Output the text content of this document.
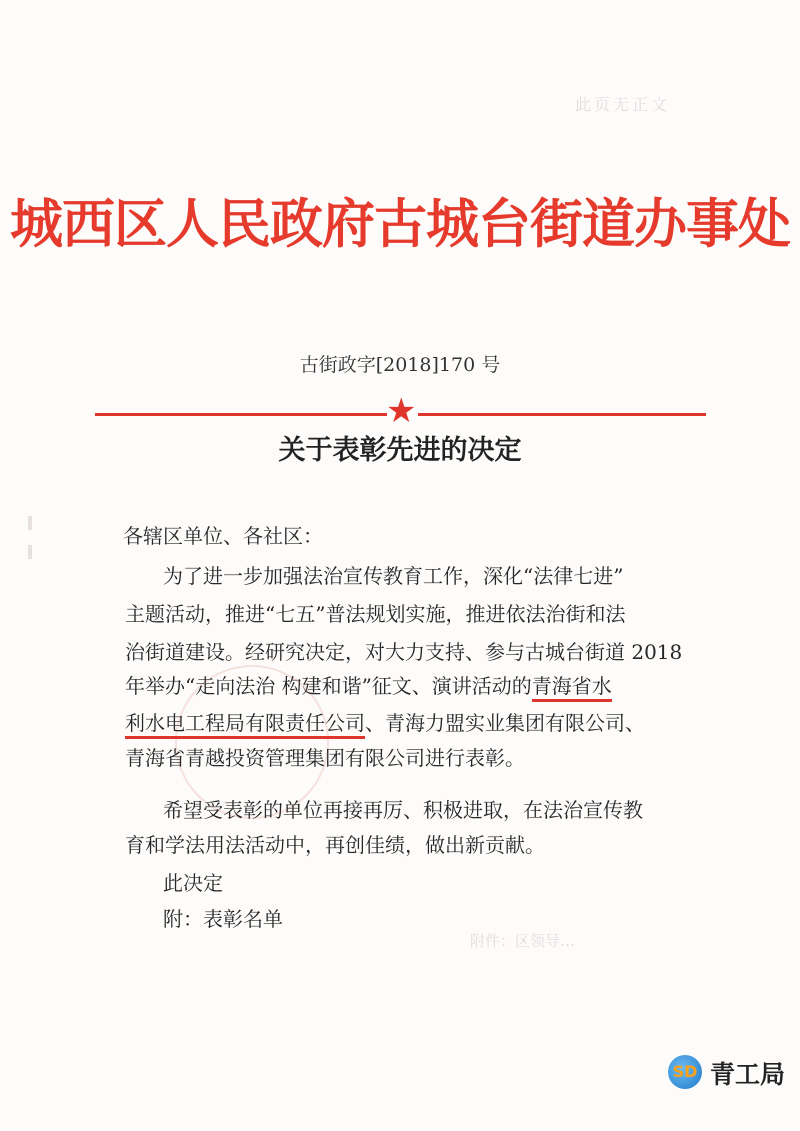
此页无正文
城西区人民政府古城台街道办事处
古街政字[2018]170 号
★
关于表彰先进的决定
各辖区单位、各社区：
为了进一步加强法治宣传教育工作，深化“法律七进”
主题活动，推进“七五”普法规划实施，推进依法治街和法
治街道建设。经研究决定，对大力支持、参与古城台街道 2018
年举办“走向法治 构建和谐”征文、演讲活动的青海省水
利水电工程局有限责任公司、青海力盟实业集团有限公司、
青海省青越投资管理集团有限公司进行表彰。
希望受表彰的单位再接再厉、积极进取，在法治宣传教
育和学法用法活动中，再创佳绩，做出新贡献。
此决定
附：表彰名单
附件：区领导…
SD 青工局
